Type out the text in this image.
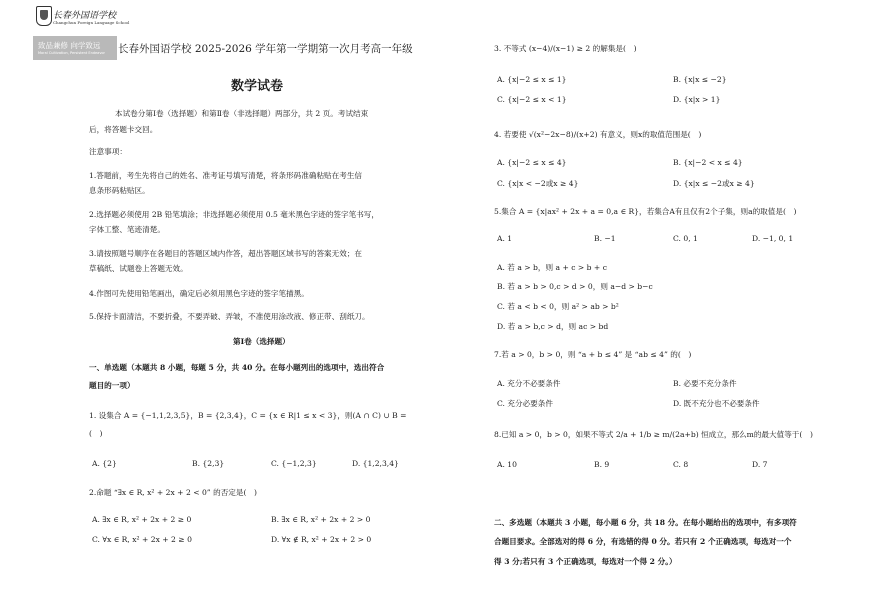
长春外国语学校
Changchun Foreign Language School
致品兼修 向学致远
Moral Cultivation, Persistent Endeavor 长春外国语学校 2025-2026 学年第一学期第一次月考高一年级
数学试卷
本试卷分第Ⅰ卷（选择题）和第Ⅱ卷（非选择题）两部分，共 2 页。考试结束
后，将答题卡交回。
注意事项：
1.答题前，考生先将自己的姓名、准考证号填写清楚，将条形码准确粘贴在考生信
息条形码粘贴区。
2.选择题必须使用 2B 铅笔填涂；非选择题必须使用 0.5 毫米黑色字迹的签字笔书写，
字体工整、笔迹清楚。
3.请按照题号顺序在各题目的答题区域内作答，超出答题区域书写的答案无效；在
草稿纸、试题卷上答题无效。
4.作图可先使用铅笔画出，确定后必须用黑色字迹的签字笔描黑。
5.保持卡面清洁，不要折叠，不要弄破、弄皱，不准使用涂改液、修正带、刮纸刀。
第Ⅰ卷（选择题）
一、单选题（本题共 8 小题，每题 5 分，共 40 分。在每小题列出的选项中，选出符合
题目的一项）
1. 设集合 A = {−1,1,2,3,5}，B = {2,3,4}，C = {x ∈ R|1 ≤ x < 3}，则(A ∩ C) ∪ B =
(　)
A. {2}	B. {2,3}	C. {−1,2,3}	D. {1,2,3,4}
2.命题 “∃x ∈ R, x² + 2x + 2 < 0” 的否定是(　)
A. ∃x ∈ R, x² + 2x + 2 ≥ 0	B. ∃x ∈ R, x² + 2x + 2 > 0
C. ∀x ∈ R, x² + 2x + 2 ≥ 0	D. ∀x ∉ R, x² + 2x + 2 > 0
3. 不等式 (x−4)/(x−1) ≥ 2 的解集是(　)
A. {x|−2 ≤ x ≤ 1}	B. {x|x ≤ −2}
C. {x|−2 ≤ x < 1}	D. {x|x > 1}
4. 若要使 √(x²−2x−8)/(x+2) 有意义，则x的取值范围是(　)
A. {x|−2 ≤ x ≤ 4}	B. {x|−2 < x ≤ 4}
C. {x|x < −2或x ≥ 4}	D. {x|x ≤ −2或x ≥ 4}
5.集合 A = {x|ax² + 2x + a = 0,a ∈ R}，若集合A有且仅有2个子集，则a的取值是(　)
A. 1	B. −1	C. 0, 1	D. −1, 0, 1
A. 若 a > b，则 a + c > b + c
B. 若 a > b > 0,c > d > 0，则 a−d > b−c
C. 若 a < b < 0，则 a² > ab > b²
D. 若 a > b,c > d，则 ac > bd
7.若 a > 0，b > 0，则 “a + b ≤ 4” 是 “ab ≤ 4” 的(　)
A. 充分不必要条件	B. 必要不充分条件
C. 充分必要条件	D. 既不充分也不必要条件
8.已知 a > 0，b > 0，如果不等式 2/a + 1/b ≥ m/(2a+b) 恒成立，那么m的最大值等于(　)
A. 10	B. 9	C. 8	D. 7
二、多选题（本题共 3 小题，每小题 6 分，共 18 分。在每小题给出的选项中，有多项符
合题目要求。全部选对的得 6 分，有选错的得 0 分。若只有 2 个正确选项，每选对一个
得 3 分;若只有 3 个正确选项，每选对一个得 2 分。）
